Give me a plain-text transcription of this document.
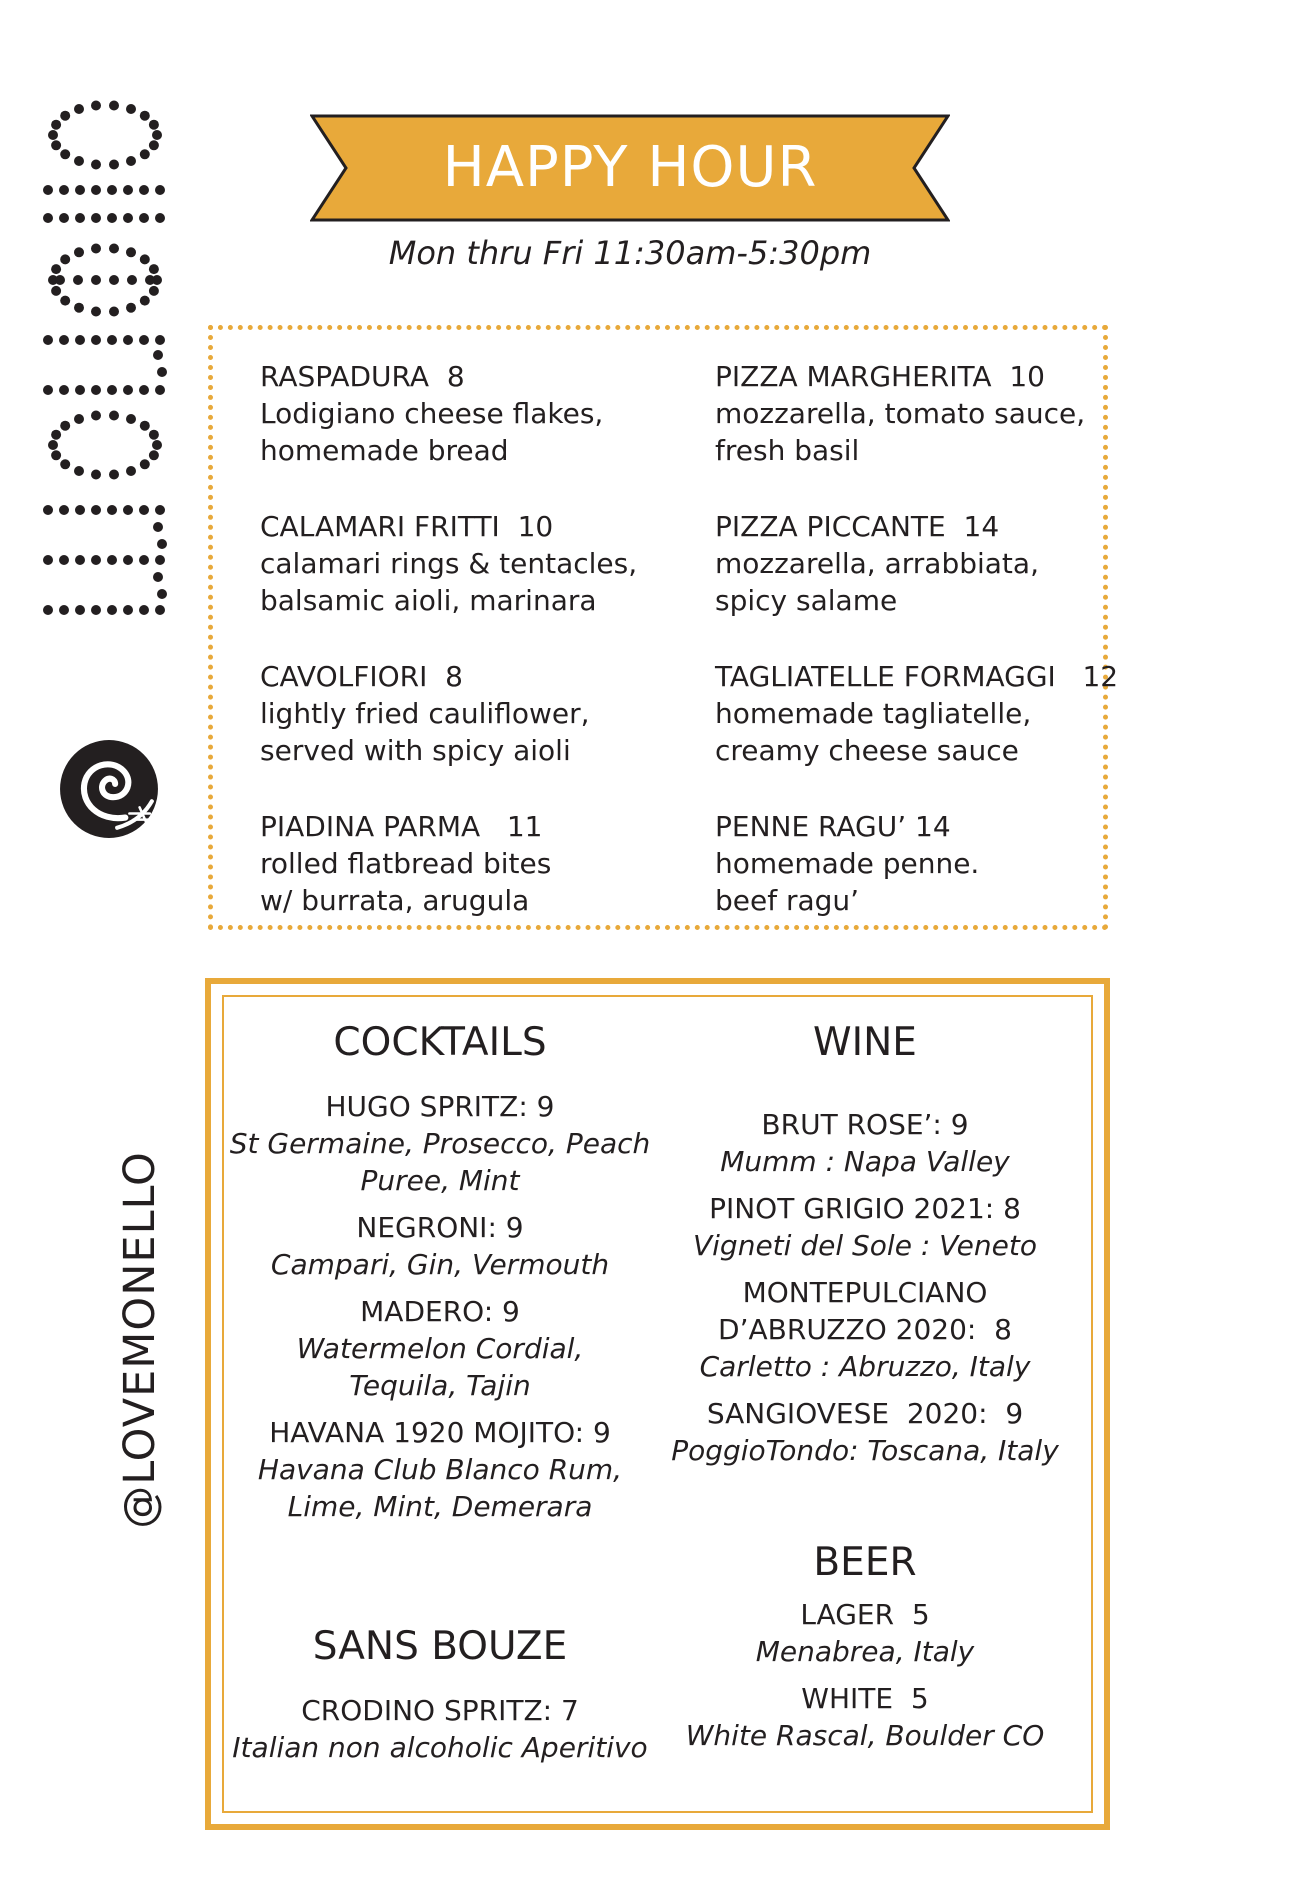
@LOVEMONELLO
HAPPY HOUR
Mon thru Fri 11:30am-5:30pm
RASPADURA  8
Lodigiano cheese flakes,
homemade bread
CALAMARI FRITTI  10
calamari rings & tentacles,
balsamic aioli, marinara
CAVOLFIORI  8
lightly fried cauliflower,
served with spicy aioli
PIADINA PARMA   11
rolled flatbread bites
w/ burrata, arugula
PIZZA MARGHERITA  10
mozzarella, tomato sauce,
fresh basil
PIZZA PICCANTE  14
mozzarella, arrabbiata,
spicy salame
TAGLIATELLE FORMAGGI   12
homemade tagliatelle,
creamy cheese sauce
PENNE RAGU’ 14
homemade penne.
beef ragu’
COCKTAILS
HUGO SPRITZ: 9
St Germaine, Prosecco, Peach
Puree, Mint
NEGRONI: 9
Campari, Gin, Vermouth
MADERO: 9
Watermelon Cordial,
Tequila, Tajin
HAVANA 1920 MOJITO: 9
Havana Club Blanco Rum,
Lime, Mint, Demerara
SANS BOUZE
CRODINO SPRITZ: 7
Italian non alcoholic Aperitivo
WINE
BRUT ROSE’: 9
Mumm : Napa Valley
PINOT GRIGIO 2021: 8
Vigneti del Sole : Veneto
MONTEPULCIANO
D’ABRUZZO 2020:  8
Carletto : Abruzzo, Italy
SANGIOVESE  2020:  9
PoggioTondo: Toscana, Italy
BEER
LAGER  5
Menabrea, Italy
WHITE  5
White Rascal, Boulder CO
